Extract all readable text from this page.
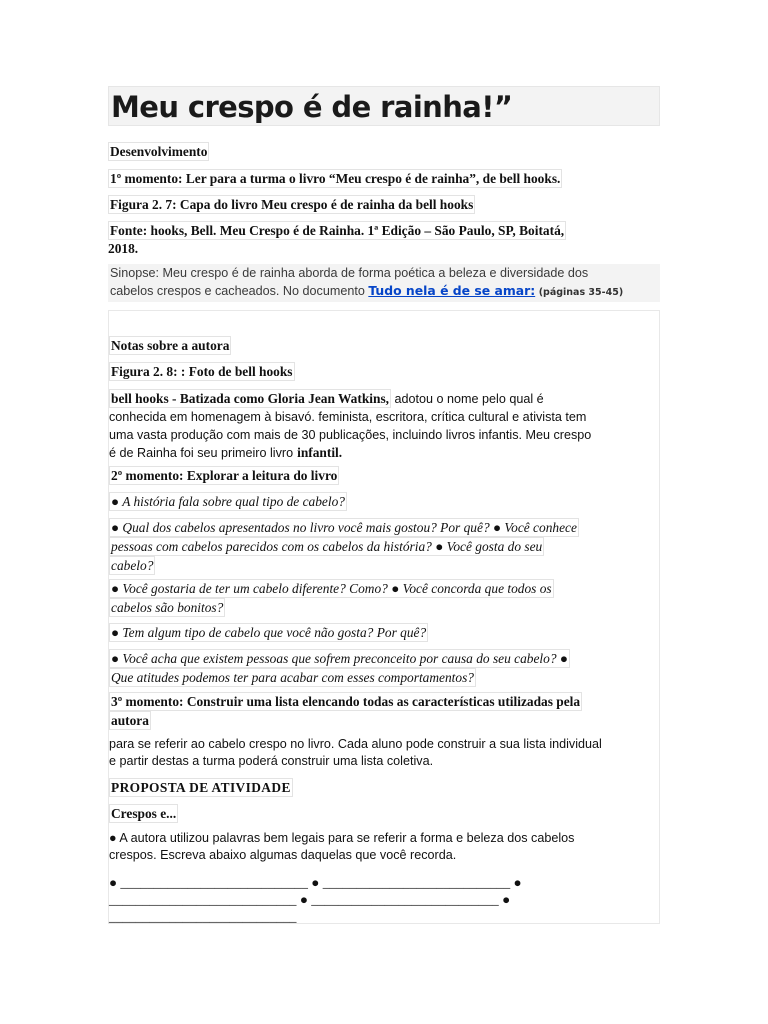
Meu crespo é de rainha!”
Desenvolvimento
1º momento: Ler para a turma o livro “Meu crespo é de rainha”, de bell hooks.
Figura 2. 7: Capa do livro Meu crespo é de rainha da bell hooks
Fonte: hooks, Bell. Meu Crespo é de Rainha. 1ª Edição – São Paulo, SP, Boitatá,
2018.
Sinopse: Meu crespo é de rainha aborda de forma poética a beleza e diversidade dos
cabelos crespos e cacheados. No documento Tudo nela é de se amar: (páginas 35-45)
Notas sobre a autora
Figura 2. 8: : Foto de bell hooks
bell hooks - Batizada como Gloria Jean Watkins, adotou o nome pelo qual é
conhecida em homenagem à bisavó. feminista, escritora, crítica cultural e ativista tem
uma vasta produção com mais de 30 publicações, incluindo livros infantis. Meu crespo
é de Rainha foi seu primeiro livro infantil.
2º momento: Explorar a leitura do livro
● A história fala sobre qual tipo de cabelo?
● Qual dos cabelos apresentados no livro você mais gostou? Por quê? ● Você conhece
pessoas com cabelos parecidos com os cabelos da história? ● Você gosta do seu
cabelo?
● Você gostaria de ter um cabelo diferente? Como? ● Você concorda que todos os
cabelos são bonitos?
● Tem algum tipo de cabelo que você não gosta? Por quê?
● Você acha que existem pessoas que sofrem preconceito por causa do seu cabelo? ●
Que atitudes podemos ter para acabar com esses comportamentos?
3º momento: Construir uma lista elencando todas as características utilizadas pela
autora
para se referir ao cabelo crespo no livro. Cada aluno pode construir a sua lista individual
e partir destas a turma poderá construir uma lista coletiva.
PROPOSTA DE ATIVIDADE
Crespos e...
● A autora utilizou palavras bem legais para se referir a forma e beleza dos cabelos
crespos. Escreva abaixo algumas daquelas que você recorda.
● ____________________________ ● ____________________________ ●
____________________________ ● ____________________________ ●
____________________________
